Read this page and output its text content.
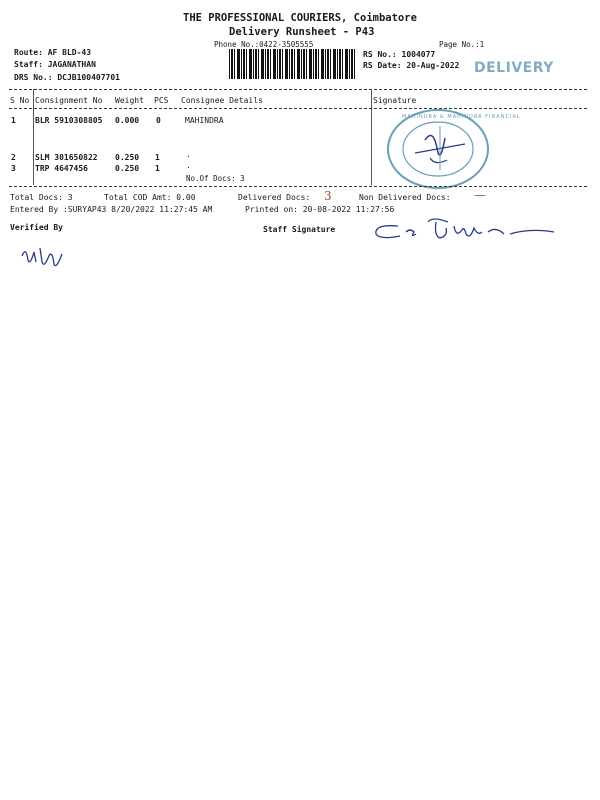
THE PROFESSIONAL COURIERS, Coimbatore
Delivery Runsheet - P43
Phone No.:0422-3505555	Page No.:1
Route: AF BLD-43
Staff: JAGANATHAN
DRS No.: DCJB100407701
RS No.: 1004077
RS Date: 20-Aug-2022 DELIVERY
S No Consignment No Weight PCS Consignee Details	Signature
1 BLR 5910308805 0.000 0	MAHINDRA
2 SLM 301650822 0.250 1	.
3 TRP 4647456	0.250 1	.
No.Of Docs: 3
MAHINDRA & MAHINDRA FINANCIAL
Total Docs: 3	Total COD Amt: 0.00	Delivered Docs: 3	Non Delivered Docs: —
Entered By :SURYAP43 8/20/2022 11:27:45 AM	Printed on: 20-08-2022 11:27:56
Verified By	Staff Signature
